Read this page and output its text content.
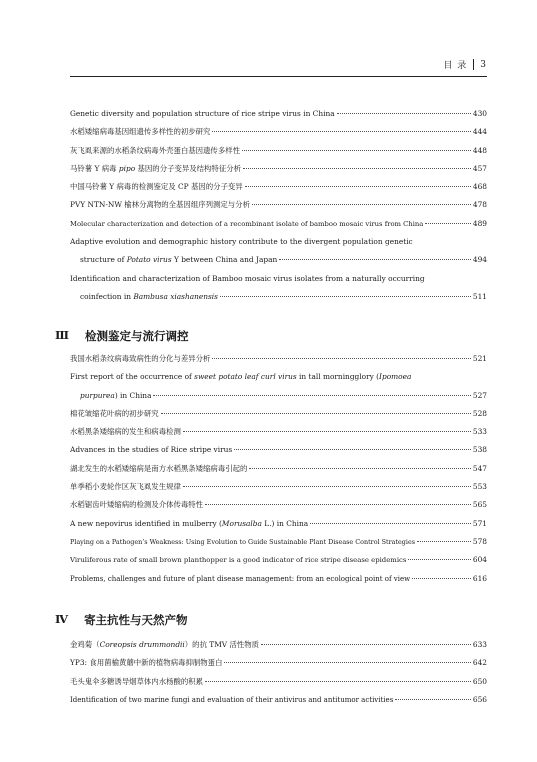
目 录 3
Genetic diversity and population structure of rice stripe virus in China	430
水稻矮缩病毒基因组遗传多样性的初步研究	444
灰飞虱来源的水稻条纹病毒外壳蛋白基因遗传多样性	448
马铃薯 Y 病毒 pipo 基因的分子变异及结构特征分析	457
中国马铃薯 Y 病毒的检测鉴定及 CP 基因的分子变异	468
PVY NTN-NW 榆林分离物的全基因组序列测定与分析	478
Molecular characterization and detection of a recombinant isolate of bamboo mosaic virus from China	489
Adaptive evolution and demographic history contribute to the divergent population genetic
structure of Potato virus Y between China and Japan	494
Identification and characterization of Bamboo mosaic virus isolates from a naturally occurring
coinfection in Bambusa xiashanensis	511
Ⅲ 检测鉴定与流行调控
我国水稻条纹病毒致病性的分化与差异分析	521
First report of the occurrence of sweet potato leaf curl virus in tall morningglory (Ipomoea
purpurea) in China	527
棉花皱缩花叶病的初步研究	528
水稻黑条矮缩病的发生和病毒检测	533
Advances in the studies of Rice stripe virus	538
湖北发生的水稻矮缩病是南方水稻黑条矮缩病毒引起的	547
单季稻小麦轮作区灰飞虱发生规律	553
水稻锯齿叶矮缩病的检测及介体传毒特性	565
A new nepovirus identified in mulberry (Morusalba L.) in China	571
Playing on a Pathogen’s Weakness: Using Evolution to Guide Sustainable Plant Disease Control Strategies	578
Viruliferous rate of small brown planthopper is a good indicator of rice stripe disease epidemics	604
Problems, challenges and future of plant disease management: from an ecological point of view	616
Ⅳ 寄主抗性与天然产物
金鸡菊（Coreopsis drummondii）的抗 TMV 活性物质	633
YP3: 食用菌榆黄蘑中新的植物病毒抑制物蛋白	642
毛头鬼伞多糖诱导烟草体内水杨酸的积累	650
Identification of two marine fungi and evaluation of their antivirus and antitumor activities	656
